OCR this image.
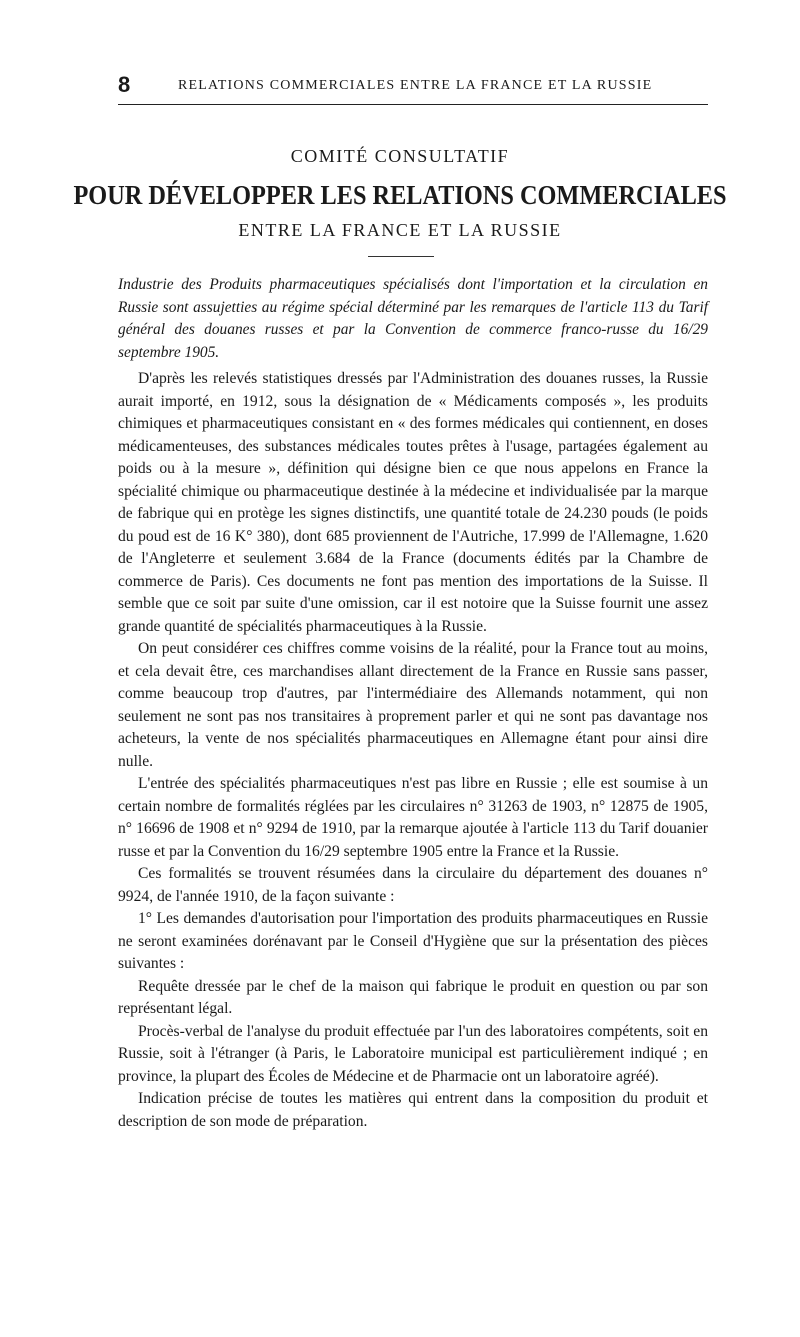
8	RELATIONS COMMERCIALES ENTRE LA FRANCE ET LA RUSSIE
COMITÉ CONSULTATIF
POUR DÉVELOPPER LES RELATIONS COMMERCIALES
ENTRE LA FRANCE ET LA RUSSIE
Industrie des Produits pharmaceutiques spécialisés dont l'importation et la circulation en Russie sont assujetties au régime spécial déterminé par les remarques de l'article 113 du Tarif général des douanes russes et par la Convention de commerce franco-russe du 16/29 septembre 1905.

D'après les relevés statistiques dressés par l'Administration des douanes russes, la Russie aurait importé, en 1912, sous la désignation de « Médicaments composés », les produits chimiques et pharmaceutiques consistant en « des formes médicales qui contiennent, en doses médicamenteuses, des substances médicales toutes prêtes à l'usage, partagées également au poids ou à la mesure », définition qui désigne bien ce que nous appelons en France la spécialité chimique ou pharmaceutique destinée à la médecine et individualisée par la marque de fabrique qui en protège les signes distinctifs, une quantité totale de 24.230 pouds (le poids du poud est de 16 K° 380), dont 685 proviennent de l'Autriche, 17.999 de l'Allemagne, 1.620 de l'Angleterre et seulement 3.684 de la France (documents édités par la Chambre de commerce de Paris). Ces documents ne font pas mention des importations de la Suisse. Il semble que ce soit par suite d'une omission, car il est notoire que la Suisse fournit une assez grande quantité de spécialités pharmaceutiques à la Russie.

On peut considérer ces chiffres comme voisins de la réalité, pour la France tout au moins, et cela devait être, ces marchandises allant directement de la France en Russie sans passer, comme beaucoup trop d'autres, par l'intermédiaire des Allemands notamment, qui non seulement ne sont pas nos transitaires à proprement parler et qui ne sont pas davantage nos acheteurs, la vente de nos spécialités pharmaceutiques en Allemagne étant pour ainsi dire nulle.

L'entrée des spécialités pharmaceutiques n'est pas libre en Russie ; elle est soumise à un certain nombre de formalités réglées par les circulaires n° 31263 de 1903, n° 12875 de 1905, n° 16696 de 1908 et n° 9294 de 1910, par la remarque ajoutée à l'article 113 du Tarif douanier russe et par la Convention du 16/29 septembre 1905 entre la France et la Russie.

Ces formalités se trouvent résumées dans la circulaire du département des douanes n° 9924, de l'année 1910, de la façon suivante :

1° Les demandes d'autorisation pour l'importation des produits pharmaceutiques en Russie ne seront examinées dorénavant par le Conseil d'Hygiène que sur la présentation des pièces suivantes :

Requête dressée par le chef de la maison qui fabrique le produit en question ou par son représentant légal.

Procès-verbal de l'analyse du produit effectuée par l'un des laboratoires compétents, soit en Russie, soit à l'étranger (à Paris, le Laboratoire municipal est particulièrement indiqué ; en province, la plupart des Écoles de Médecine et de Pharmacie ont un laboratoire agréé).

Indication précise de toutes les matières qui entrent dans la composition du produit et description de son mode de préparation.
